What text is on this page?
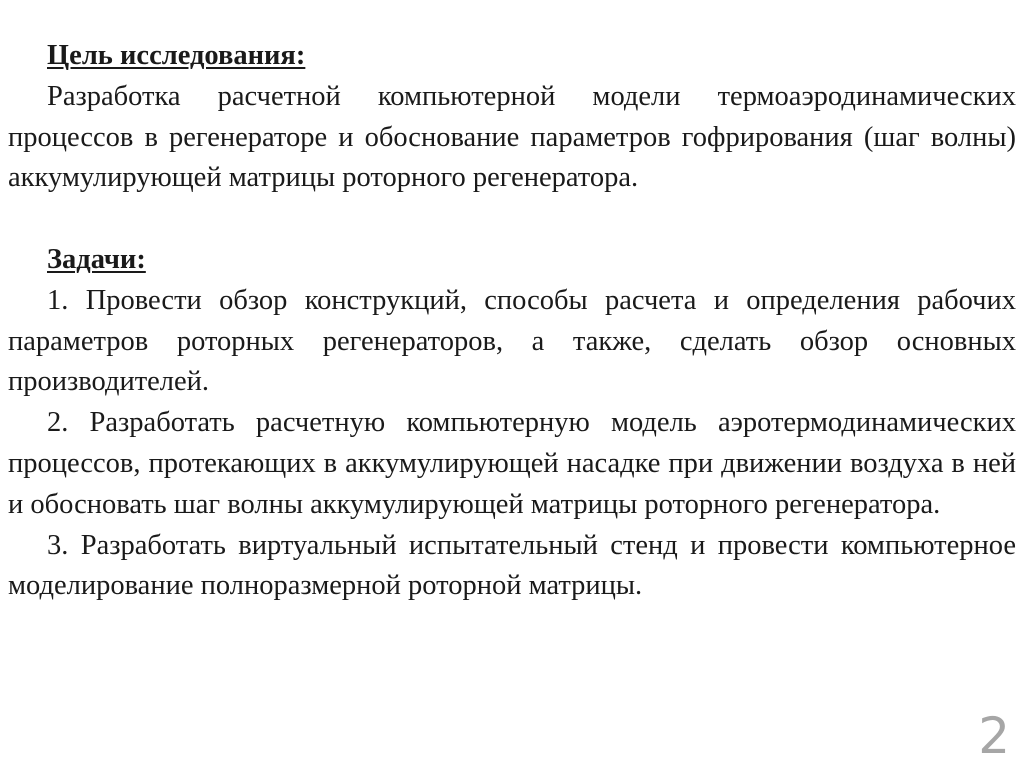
Цель исследования:

Разработка расчетной компьютерной модели термоаэродинамических процессов в регенераторе и обоснование параметров гофрирования (шаг волны) аккумулирующей матрицы роторного регенератора.

Задачи:

1. Провести обзор конструкций, способы расчета и определения рабочих параметров роторных регенераторов, а также, сделать обзор основных производителей.

2. Разработать расчетную компьютерную модель аэротермодинамических процессов, протекающих в аккумулирующей насадке при движении воздуха в ней и обосновать шаг волны аккумулирующей матрицы роторного регенератора.

3. Разработать виртуальный испытательный стенд и провести компьютерное моделирование полноразмерной роторной матрицы.

2
